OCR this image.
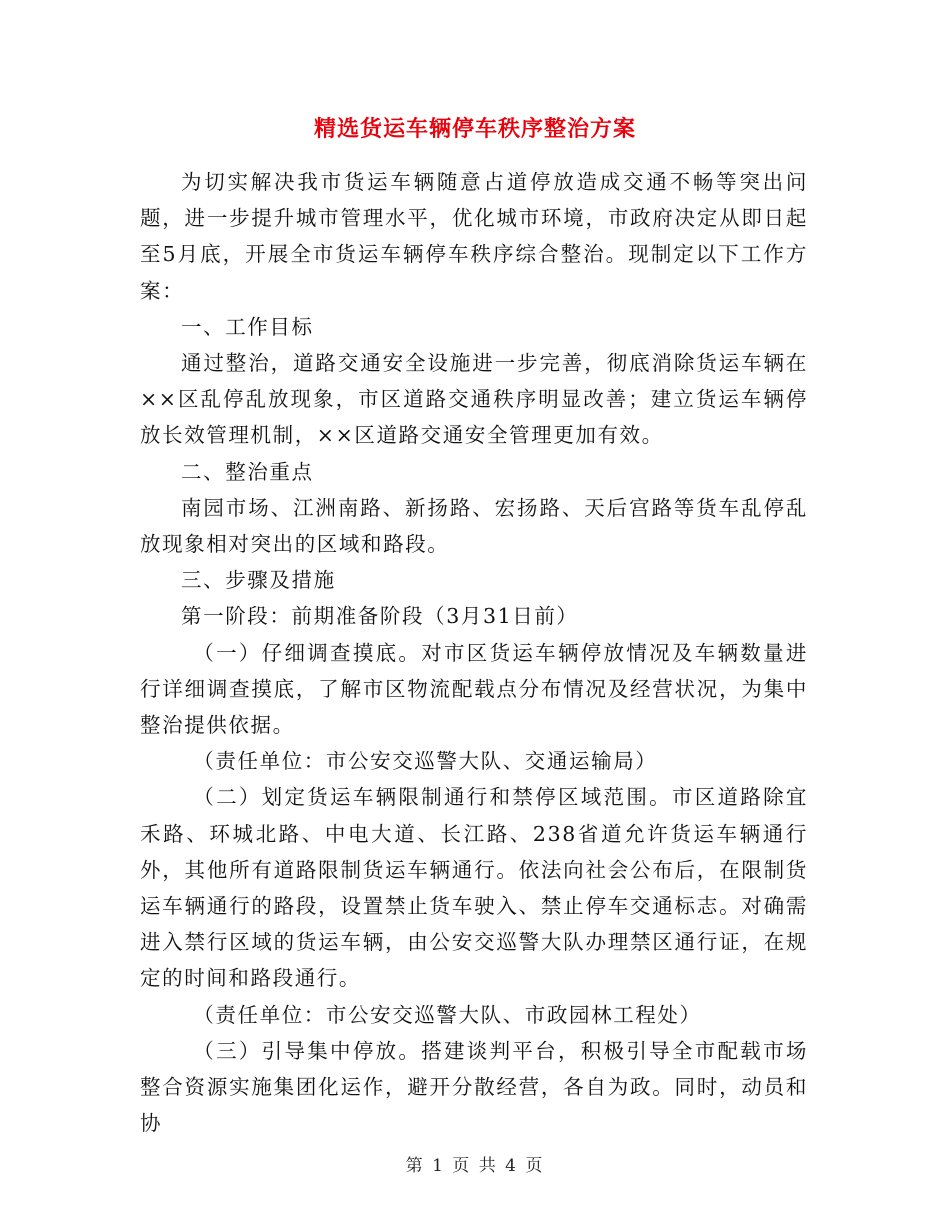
精选货运车辆停车秩序整治方案

为切实解决我市货运车辆随意占道停放造成交通不畅等突出问题，进一步提升城市管理水平，优化城市环境，市政府决定从即日起至5月底，开展全市货运车辆停车秩序综合整治。现制定以下工作方案：

一、工作目标

通过整治，道路交通安全设施进一步完善，彻底消除货运车辆在××区乱停乱放现象，市区道路交通秩序明显改善；建立货运车辆停放长效管理机制，××区道路交通安全管理更加有效。

二、整治重点

南园市场、江洲南路、新扬路、宏扬路、天后宫路等货车乱停乱放现象相对突出的区域和路段。

三、步骤及措施

第一阶段：前期准备阶段（3月31日前）

（一）仔细调查摸底。对市区货运车辆停放情况及车辆数量进行详细调查摸底，了解市区物流配载点分布情况及经营状况，为集中整治提供依据。

（责任单位：市公安交巡警大队、交通运输局）

（二）划定货运车辆限制通行和禁停区域范围。市区道路除宜禾路、环城北路、中电大道、长江路、238省道允许货运车辆通行外，其他所有道路限制货运车辆通行。依法向社会公布后，在限制货运车辆通行的路段，设置禁止货车驶入、禁止停车交通标志。对确需进入禁行区域的货运车辆，由公安交巡警大队办理禁区通行证，在规定的时间和路段通行。

（责任单位：市公安交巡警大队、市政园林工程处）

（三）引导集中停放。搭建谈判平台，积极引导全市配载市场整合资源实施集团化运作，避开分散经营，各自为政。同时，动员和协

第 1 页 共 4 页
